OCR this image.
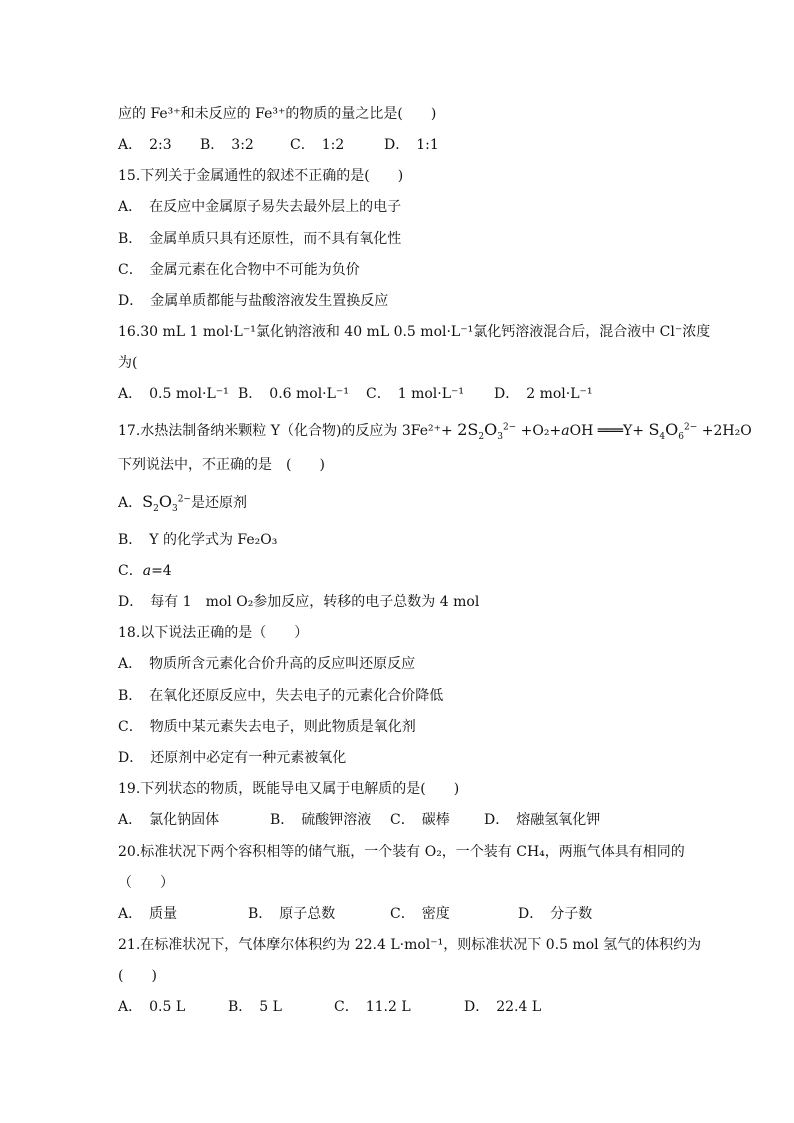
应的 Fe³⁺和未反应的 Fe³⁺的物质的量之比是(　　)
A．　2:3 B．　3:2	C．　1:2	D．　1:1
15.下列关于金属通性的叙述不正确的是(　　)
A．　在反应中金属原子易失去最外层上的电子
B．　金属单质只具有还原性，而不具有氧化性
C．　金属元素在化合物中不可能为负价
D．　金属单质都能与盐酸溶液发生置换反应
16.30 mL 1 mol·L⁻¹氯化钠溶液和 40 mL 0.5 mol·L⁻¹氯化钙溶液混合后，混合液中 Cl⁻浓度
为(
A．　0.5 mol·L⁻¹ B．　0.6 mol·L⁻¹ C．　1 mol·L⁻¹ D．　2 mol·L⁻¹
17.水热法制备纳米颗粒 Y（化合物)的反应为 $3Fe^{2+}+ 2S_2O_3^{2-} +O_2+aOH$ ═══Y+ $S_4O_6^{2-} +2H_2O$
下列说法中，不正确的是　(　　)
A．$S_2O_3^{2-}$是还原剂
B．　Y 的化学式为 Fe₂O₃
C．a=4
D．　每有 1　mol O₂参加反应，转移的电子总数为 4 mol
18.以下说法正确的是（　　）
A．　物质所含元素化合价升高的反应叫还原反应
B．　在氧化还原反应中，失去电子的元素化合价降低
C．　物质中某元素失去电子，则此物质是氧化剂
D．　还原剂中必定有一种元素被氧化
19.下列状态的物质，既能导电又属于电解质的是(　　)
A．　氯化钠固体	B．　硫酸钾溶液 C．　碳棒 D．　熔融氢氧化钾
20.标准状况下两个容积相等的储气瓶，一个装有 O₂，一个装有 CH₄，两瓶气体具有相同的
（　　）
A．　质量	B．　原子总数	C．　密度	D．　分子数
21.在标准状况下，气体摩尔体积约为 22.4 L·mol⁻¹，则标准状况下 0.5 mol 氢气的体积约为
(　　)
A．　0.5 L	B．　5 L	C．　11.2 L	D．　22.4 L
